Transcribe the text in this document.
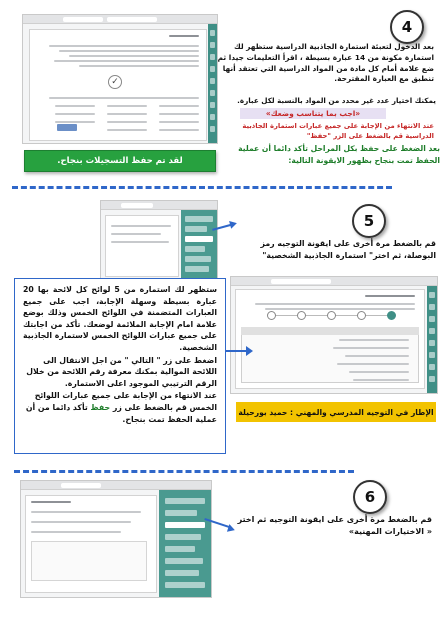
✓
4
بعد الدخول لتعبئة استمارة الجاذبية الدراسية ستظهر لك استمارة مكونة من 14 عبارة بسيطة ، اقرأ التعليمات جيدا ثم ضع علامة أمام كل مادة من المواد الدراسية التي تعتقد أنها تنطبق مع العبارة المقترحة.
يمكنك اختيار عدد غير محدد من المواد بالنسبة لكل عبارة.
«اجب بما يتناسب وضعك»
عند الانتهاء من الإجابة على جميع عبارات استمارة الجاذبية الدراسية قم بالضغط على الزر "حفظ"
بعد الضغط على حفظ بكل المراحل تأكد دائما أن عملية الحفظ تمت بنجاح بظهور الايقونة التالية:
لقد تم حفظ التسجيلات بنجاح.
5
قم بالضغط مرة أخرى على ايقونة التوجيه رمز البوصلة، ثم اختر" استمارة الجاذبية الشخصية"
ستظهر لك استمارة من 5 لوائح كل لائحة بها 20 عبارة بسيطة وسهلة الإجابة، اجب على جميع العبارات المتضمنة في اللوائح الخمس وذلك بوضع علامة امام الإجابة الملائمة لوضعك. تأكد من اجابتك على جميع عبارات اللوائح الخمس لاستمارة الجاذبية الشخصية.
اضغط على زر " التالي " من اجل الانتقال الى اللائحة الموالية بمكنك معرفة رقم اللائحة من خلال الرقم الترتيبي الموجود اعلى الاستمارة.
عند الانتهاء من الإجابة على جميع عبارات اللوائح الخمس قم بالضغط على زر حفظ تأكد دائما من أن عملية الحفظ تمت بنجاح.
الإطار في التوجيه المدرسي والمهني : حميد بورحيلة
6
قم بالضغط مرة أخرى على ايقونة التوجيه ثم اختر « الاختيارات المهنية»
